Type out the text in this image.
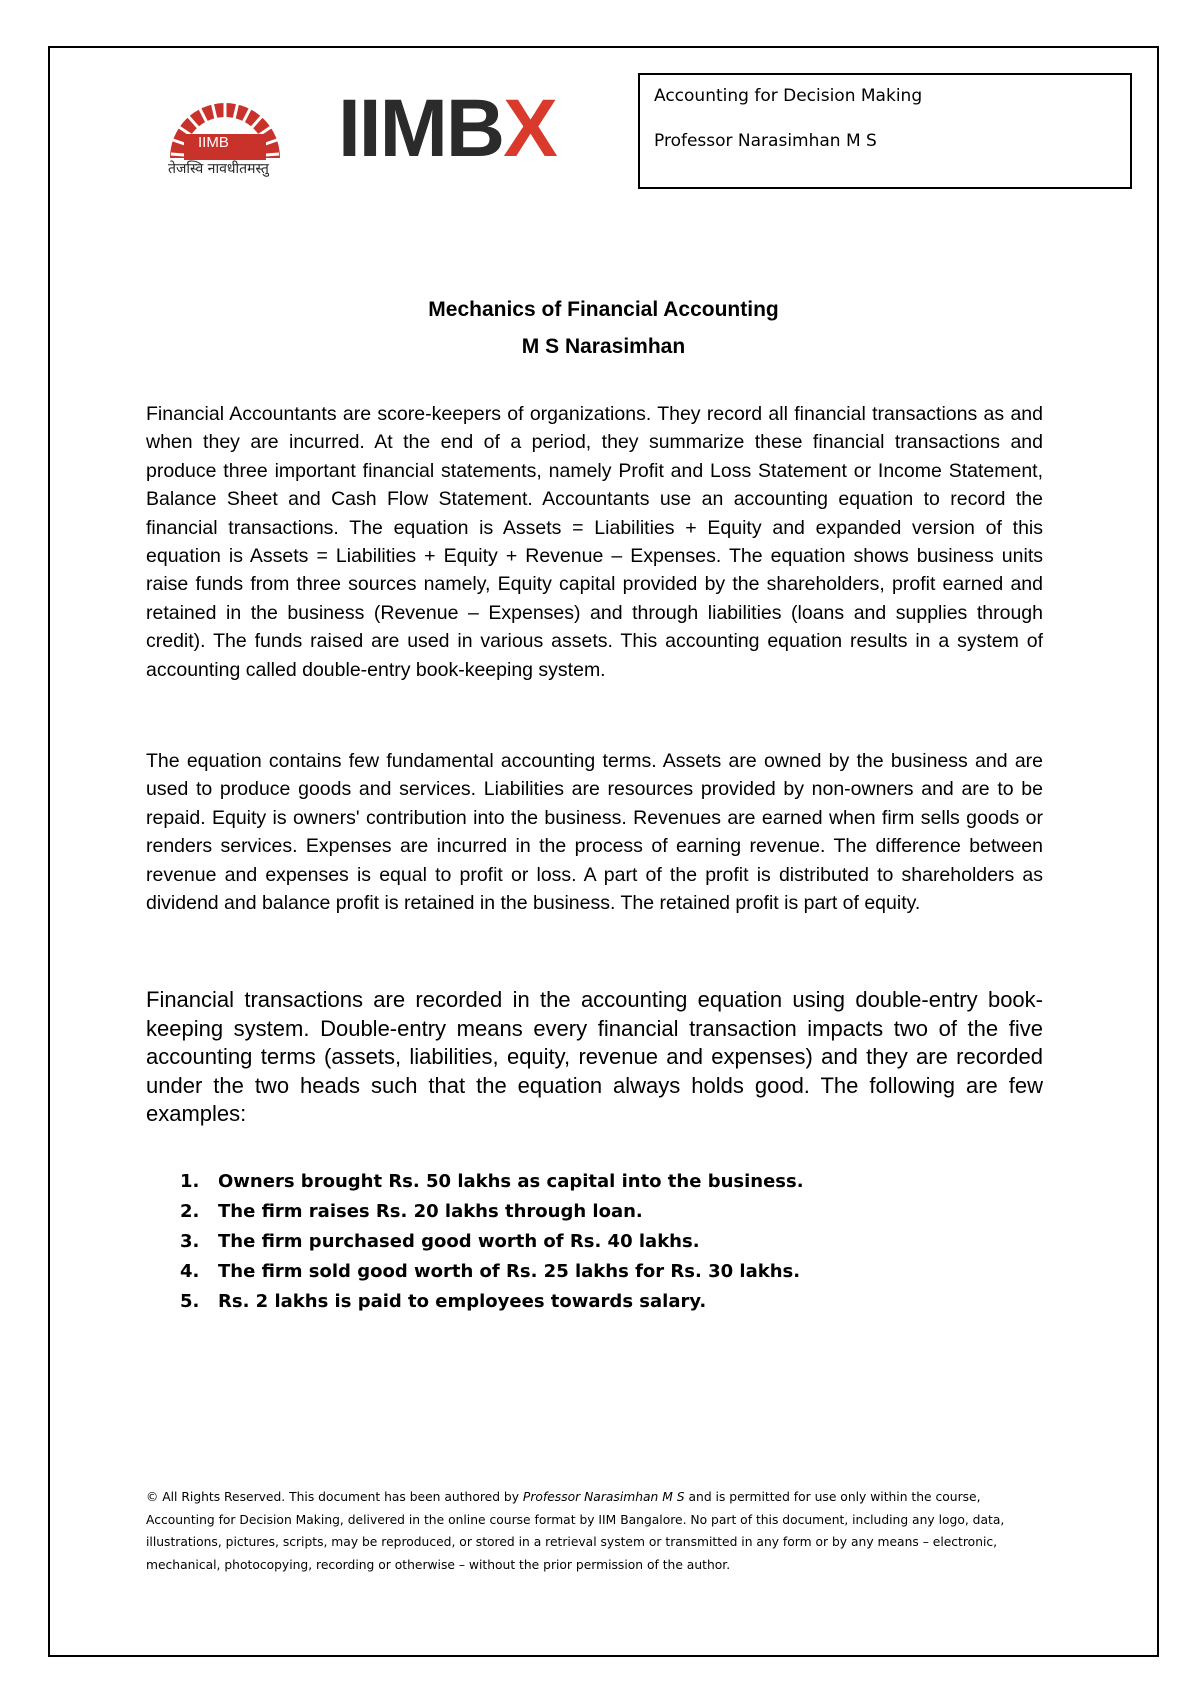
IIMB
तेजस्वि नावधीतमस्तु IIMBX	Accounting for Decision Making
Professor Narasimhan M S
Mechanics of Financial Accounting
M S Narasimhan

Financial Accountants are score-keepers of organizations. They record all financial transactions as and when they are incurred. At the end of a period, they summarize these financial transactions and produce three important financial statements, namely Profit and Loss Statement or Income Statement, Balance Sheet and Cash Flow Statement. Accountants use an accounting equation to record the financial transactions. The equation is Assets = Liabilities + Equity and expanded version of this equation is Assets = Liabilities + Equity + Revenue – Expenses. The equation shows business units raise funds from three sources namely, Equity capital provided by the shareholders, profit earned and retained in the business (Revenue – Expenses) and through liabilities (loans and supplies through credit). The funds raised are used in various assets. This accounting equation results in a system of accounting called double-entry book-keeping system.

The equation contains few fundamental accounting terms. Assets are owned by the business and are used to produce goods and services. Liabilities are resources provided by non-owners and are to be repaid. Equity is owners' contribution into the business. Revenues are earned when firm sells goods or renders services. Expenses are incurred in the process of earning revenue. The difference between revenue and expenses is equal to profit or loss. A part of the profit is distributed to shareholders as dividend and balance profit is retained in the business. The retained profit is part of equity.

Financial transactions are recorded in the accounting equation using double-entry book-keeping system. Double-entry means every financial transaction impacts two of the five accounting terms (assets, liabilities, equity, revenue and expenses) and they are recorded under the two heads such that the equation always holds good. The following are few examples:

1. Owners brought Rs. 50 lakhs as capital into the business.
2. The firm raises Rs. 20 lakhs through loan.
3. The firm purchased good worth of Rs. 40 lakhs.
4. The firm sold good worth of Rs. 25 lakhs for Rs. 30 lakhs.
5. Rs. 2 lakhs is paid to employees towards salary.
© All Rights Reserved. This document has been authored by Professor Narasimhan M S and is permitted for use only within the course, Accounting for Decision Making, delivered in the online course format by IIM Bangalore. No part of this document, including any logo, data, illustrations, pictures, scripts, may be reproduced, or stored in a retrieval system or transmitted in any form or by any means – electronic, mechanical, photocopying, recording or otherwise – without the prior permission of the author.
